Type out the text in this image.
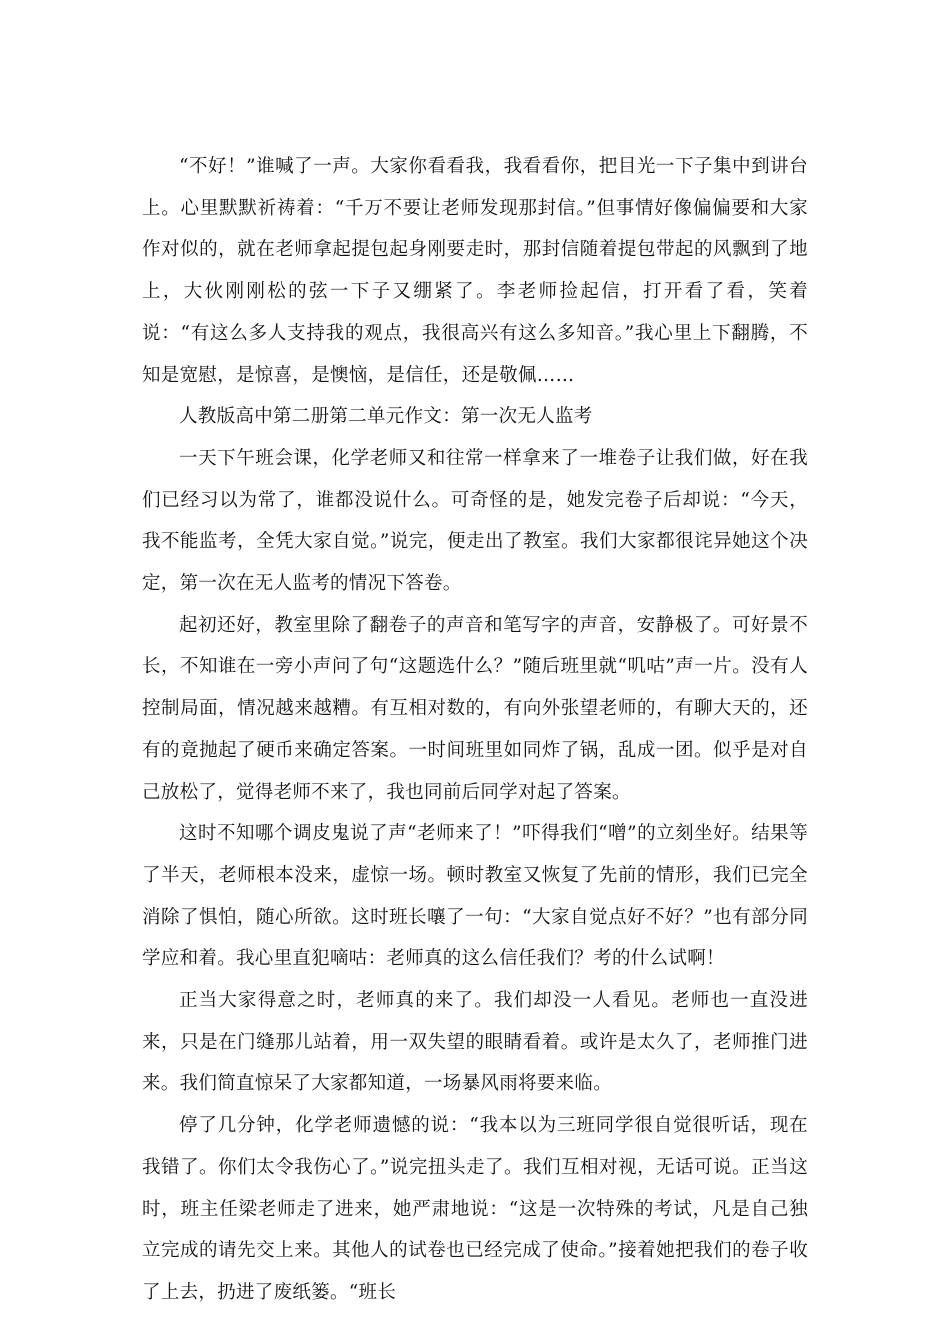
“不好！”谁喊了一声。大家你看看我，我看看你，把目光一下子集中到讲台上。心里默默祈祷着：“千万不要让老师发现那封信。”但事情好像偏偏要和大家作对似的，就在老师拿起提包起身刚要走时，那封信随着提包带起的风飘到了地上，大伙刚刚松的弦一下子又绷紧了。李老师捡起信，打开看了看，笑着说：“有这么多人支持我的观点，我很高兴有这么多知音。”我心里上下翻腾，不知是宽慰，是惊喜，是懊恼，是信任，还是敬佩……

人教版高中第二册第二单元作文：第一次无人监考

一天下午班会课，化学老师又和往常一样拿来了一堆卷子让我们做，好在我们已经习以为常了，谁都没说什么。可奇怪的是，她发完卷子后却说：“今天，我不能监考，全凭大家自觉。”说完，便走出了教室。我们大家都很诧异她这个决定，第一次在无人监考的情况下答卷。

起初还好，教室里除了翻卷子的声音和笔写字的声音，安静极了。可好景不长，不知谁在一旁小声问了句“这题选什么？”随后班里就“叽咕”声一片。没有人控制局面，情况越来越糟。有互相对数的，有向外张望老师的，有聊大天的，还有的竟抛起了硬币来确定答案。一时间班里如同炸了锅，乱成一团。似乎是对自己放松了，觉得老师不来了，我也同前后同学对起了答案。

这时不知哪个调皮鬼说了声“老师来了！”吓得我们“噌”的立刻坐好。结果等了半天，老师根本没来，虚惊一场。顿时教室又恢复了先前的情形，我们已完全消除了惧怕，随心所欲。这时班长嚷了一句：“大家自觉点好不好？”也有部分同学应和着。我心里直犯嘀咕：老师真的这么信任我们？考的什么试啊！

正当大家得意之时，老师真的来了。我们却没一人看见。老师也一直没进来，只是在门缝那儿站着，用一双失望的眼睛看着。或许是太久了，老师推门进来。我们简直惊呆了大家都知道，一场暴风雨将要来临。

停了几分钟，化学老师遗憾的说：“我本以为三班同学很自觉很听话，现在我错了。你们太令我伤心了。”说完扭头走了。我们互相对视，无话可说。正当这时，班主任梁老师走了进来，她严肃地说：“这是一次特殊的考试，凡是自己独立完成的请先交上来。其他人的试卷也已经完成了使命。”接着她把我们的卷子收了上去，扔进了废纸篓。“班长
